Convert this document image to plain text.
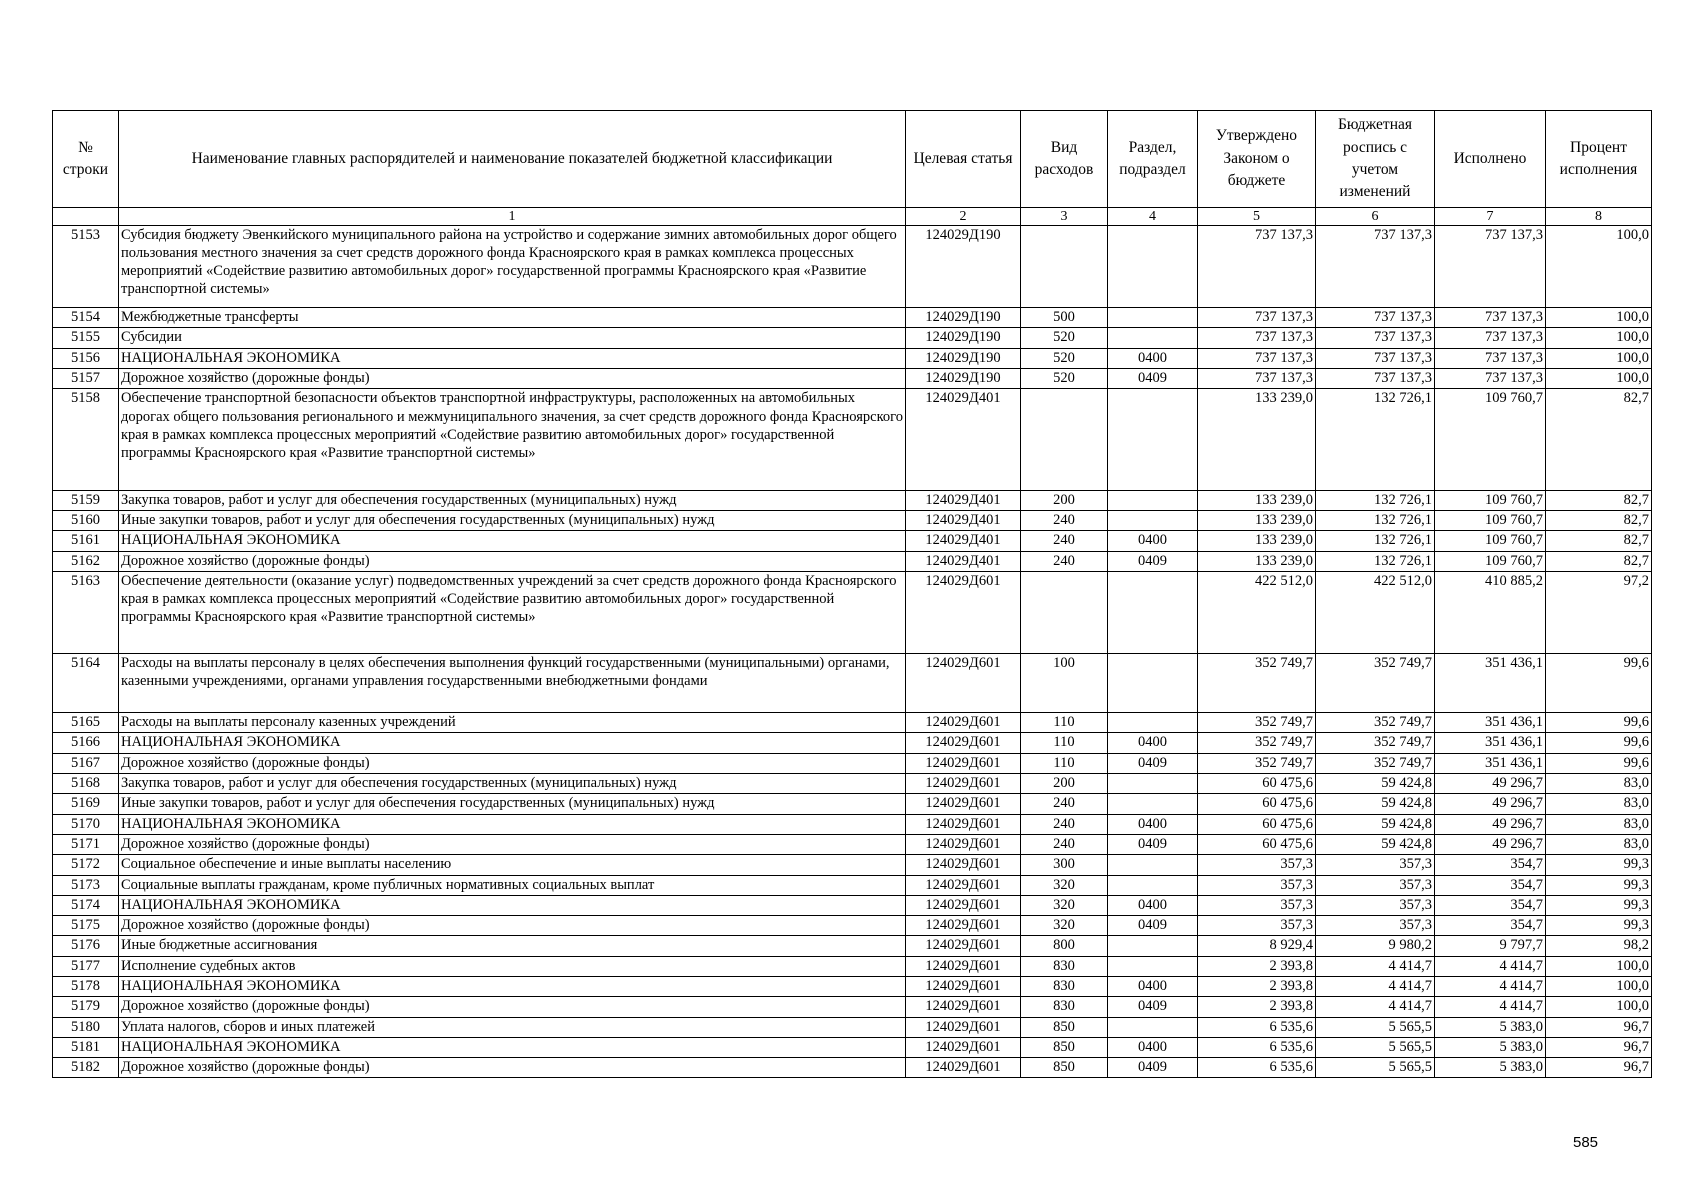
№ строки	Наименование главных распорядителей и наименование показателей бюджетной классификации	Целевая статья	Вид расходов	Раздел, подраздел	Утверждено Законом о бюджете	Бюджетная роспись с учетом изменений	Исполнено	Процент исполнения
	1	2	3	4	5	6	7	8
5153	Субсидия бюджету Эвенкийского муниципального района на устройство и содержание зимних автомобильных дорог общего пользования местного значения за счет средств дорожного фонда Красноярского края в рамках комплекса процессных мероприятий «Содействие развитию автомобильных дорог» государственной программы Красноярского края «Развитие транспортной системы»	124029Д190			737 137,3	737 137,3	737 137,3	100,0
5154	Межбюджетные трансферты	124029Д190	500		737 137,3	737 137,3	737 137,3	100,0
5155	Субсидии	124029Д190	520		737 137,3	737 137,3	737 137,3	100,0
5156	НАЦИОНАЛЬНАЯ ЭКОНОМИКА	124029Д190	520	0400	737 137,3	737 137,3	737 137,3	100,0
5157	Дорожное хозяйство (дорожные фонды)	124029Д190	520	0409	737 137,3	737 137,3	737 137,3	100,0
5158	Обеспечение транспортной безопасности объектов транспортной инфраструктуры, расположенных на автомобильных дорогах общего пользования регионального и межмуниципального значения, за счет средств дорожного фонда Красноярского края в рамках комплекса процессных мероприятий «Содействие развитию автомобильных дорог» государственной программы Красноярского края «Развитие транспортной системы»	124029Д401			133 239,0	132 726,1	109 760,7	82,7
5159	Закупка товаров, работ и услуг для обеспечения государственных (муниципальных) нужд	124029Д401	200		133 239,0	132 726,1	109 760,7	82,7
5160	Иные закупки товаров, работ и услуг для обеспечения государственных (муниципальных) нужд	124029Д401	240		133 239,0	132 726,1	109 760,7	82,7
5161	НАЦИОНАЛЬНАЯ ЭКОНОМИКА	124029Д401	240	0400	133 239,0	132 726,1	109 760,7	82,7
5162	Дорожное хозяйство (дорожные фонды)	124029Д401	240	0409	133 239,0	132 726,1	109 760,7	82,7
5163	Обеспечение деятельности (оказание услуг) подведомственных учреждений за счет средств дорожного фонда Красноярского края в рамках комплекса процессных мероприятий «Содействие развитию автомобильных дорог» государственной программы Красноярского края «Развитие транспортной системы»	124029Д601			422 512,0	422 512,0	410 885,2	97,2
5164	Расходы на выплаты персоналу в целях обеспечения выполнения функций государственными (муниципальными) органами, казенными учреждениями, органами управления государственными внебюджетными фондами	124029Д601	100		352 749,7	352 749,7	351 436,1	99,6
5165	Расходы на выплаты персоналу казенных учреждений	124029Д601	110		352 749,7	352 749,7	351 436,1	99,6
5166	НАЦИОНАЛЬНАЯ ЭКОНОМИКА	124029Д601	110	0400	352 749,7	352 749,7	351 436,1	99,6
5167	Дорожное хозяйство (дорожные фонды)	124029Д601	110	0409	352 749,7	352 749,7	351 436,1	99,6
5168	Закупка товаров, работ и услуг для обеспечения государственных (муниципальных) нужд	124029Д601	200		60 475,6	59 424,8	49 296,7	83,0
5169	Иные закупки товаров, работ и услуг для обеспечения государственных (муниципальных) нужд	124029Д601	240		60 475,6	59 424,8	49 296,7	83,0
5170	НАЦИОНАЛЬНАЯ ЭКОНОМИКА	124029Д601	240	0400	60 475,6	59 424,8	49 296,7	83,0
5171	Дорожное хозяйство (дорожные фонды)	124029Д601	240	0409	60 475,6	59 424,8	49 296,7	83,0
5172	Социальное обеспечение и иные выплаты населению	124029Д601	300		357,3	357,3	354,7	99,3
5173	Социальные выплаты гражданам, кроме публичных нормативных социальных выплат	124029Д601	320		357,3	357,3	354,7	99,3
5174	НАЦИОНАЛЬНАЯ ЭКОНОМИКА	124029Д601	320	0400	357,3	357,3	354,7	99,3
5175	Дорожное хозяйство (дорожные фонды)	124029Д601	320	0409	357,3	357,3	354,7	99,3
5176	Иные бюджетные ассигнования	124029Д601	800		8 929,4	9 980,2	9 797,7	98,2
5177	Исполнение судебных актов	124029Д601	830		2 393,8	4 414,7	4 414,7	100,0
5178	НАЦИОНАЛЬНАЯ ЭКОНОМИКА	124029Д601	830	0400	2 393,8	4 414,7	4 414,7	100,0
5179	Дорожное хозяйство (дорожные фонды)	124029Д601	830	0409	2 393,8	4 414,7	4 414,7	100,0
5180	Уплата налогов, сборов и иных платежей	124029Д601	850		6 535,6	5 565,5	5 383,0	96,7
5181	НАЦИОНАЛЬНАЯ ЭКОНОМИКА	124029Д601	850	0400	6 535,6	5 565,5	5 383,0	96,7
5182	Дорожное хозяйство (дорожные фонды)	124029Д601	850	0409	6 535,6	5 565,5	5 383,0	96,7
585
